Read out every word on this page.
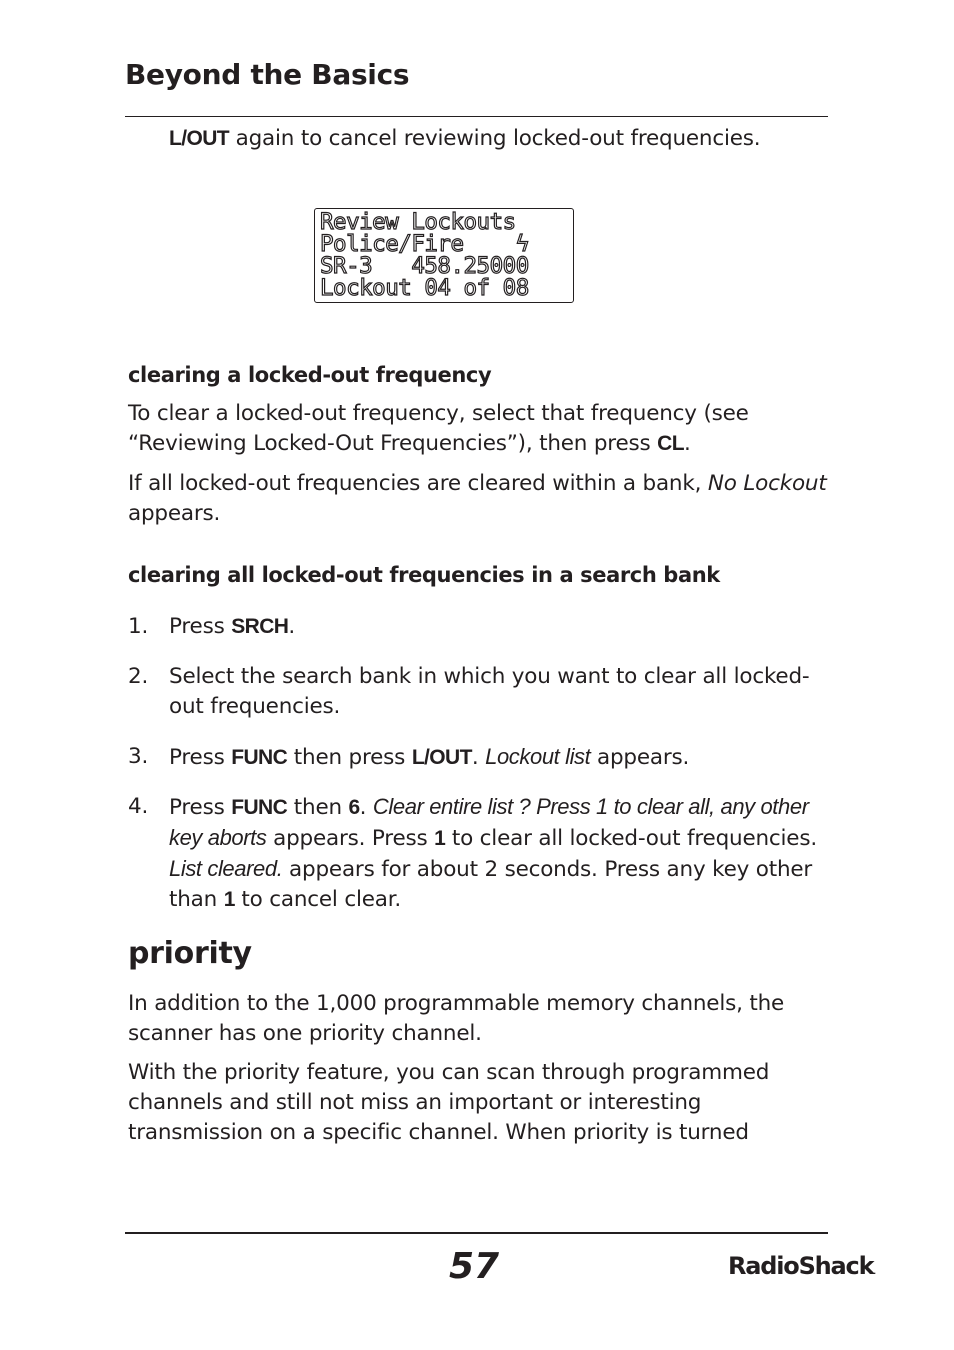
Beyond the Basics

L/OUT again to cancel reviewing locked-out frequencies.

Review Lockouts
Police/Fire    ϟ
SR-3   458.25000
Lockout 04 of 08
clearing a locked-out frequency

To clear a locked-out frequency, select that frequency (see “Reviewing Locked-Out Frequencies”), then press CL.

If all locked-out frequencies are cleared within a bank, No Lockout appears.

clearing all locked-out frequencies in a search bank
1. Press SRCH.
2. Select the search bank in which you want to clear all locked-out frequencies.
3. Press FUNC then press L/OUT. Lockout list appears.
4. Press FUNC then 6. Clear entire list ? Press 1 to clear all, any other key aborts appears. Press 1 to clear all locked-out frequencies. List cleared. appears for about 2 seconds. Press any key other than 1 to cancel clear.
priority

In addition to the 1,000 programmable memory channels, the scanner has one priority channel.

With the priority feature, you can scan through programmed channels and still not miss an important or interesting transmission on a specific channel. When priority is turned

57	RadioShack.
